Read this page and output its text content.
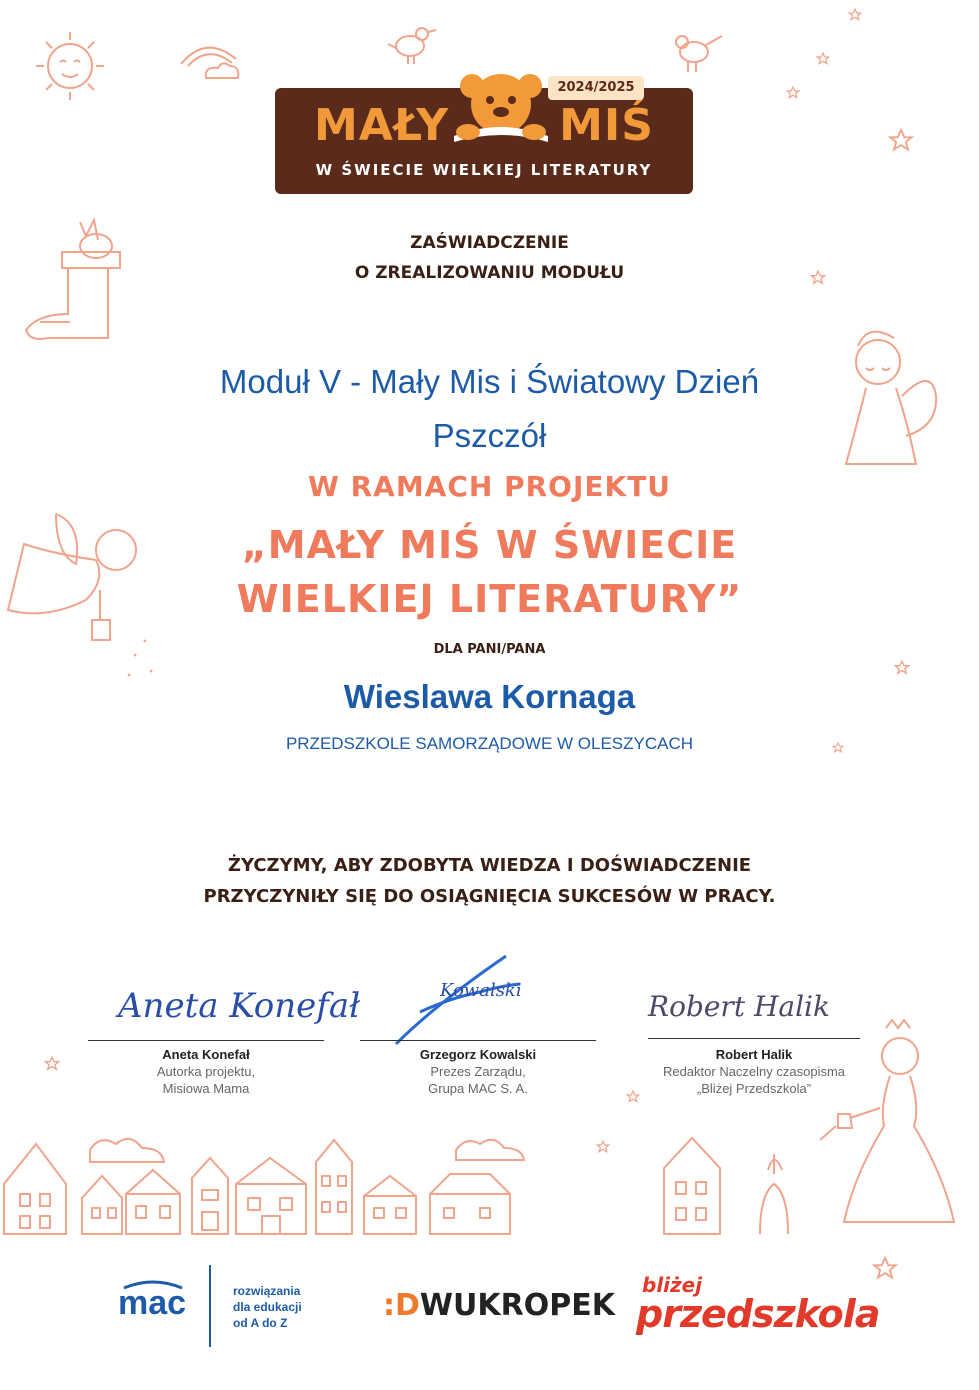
MAŁY	MIŚ
W ŚWIECIE WIELKIEJ LITERATURY
2024/2025
ZAŚWIADCZENIE
O ZREALIZOWANIU MODUŁU
Moduł V - Mały Mis i Światowy Dzień
Pszczół
W RAMACH PROJEKTU
„MAŁY MIŚ W ŚWIECIE
WIELKIEJ LITERATURY”
DLA PANI/PANA
Wieslawa Kornaga
PRZEDSZKOLE SAMORZĄDOWE W OLESZYCACH
ŻYCZYMY, ABY ZDOBYTA WIEDZA I DOŚWIADCZENIE
PRZYCZYNIŁY SIĘ DO OSIĄGNIĘCIA SUKCESÓW W PRACY.
Aneta Konefał
Aneta Konefał
Autorka projektu,
Misiowa Mama
Kowalski
Grzegorz Kowalski
Prezes Zarządu,
Grupa MAC S. A.
Robert Halik
Robert Halik
Redaktor Naczelny czasopisma
„Bliżej Przedszkola”
mac	rozwiązania
dla edukacji
od A do Z	:DWUKROPEK
bliżej
przedszkola
